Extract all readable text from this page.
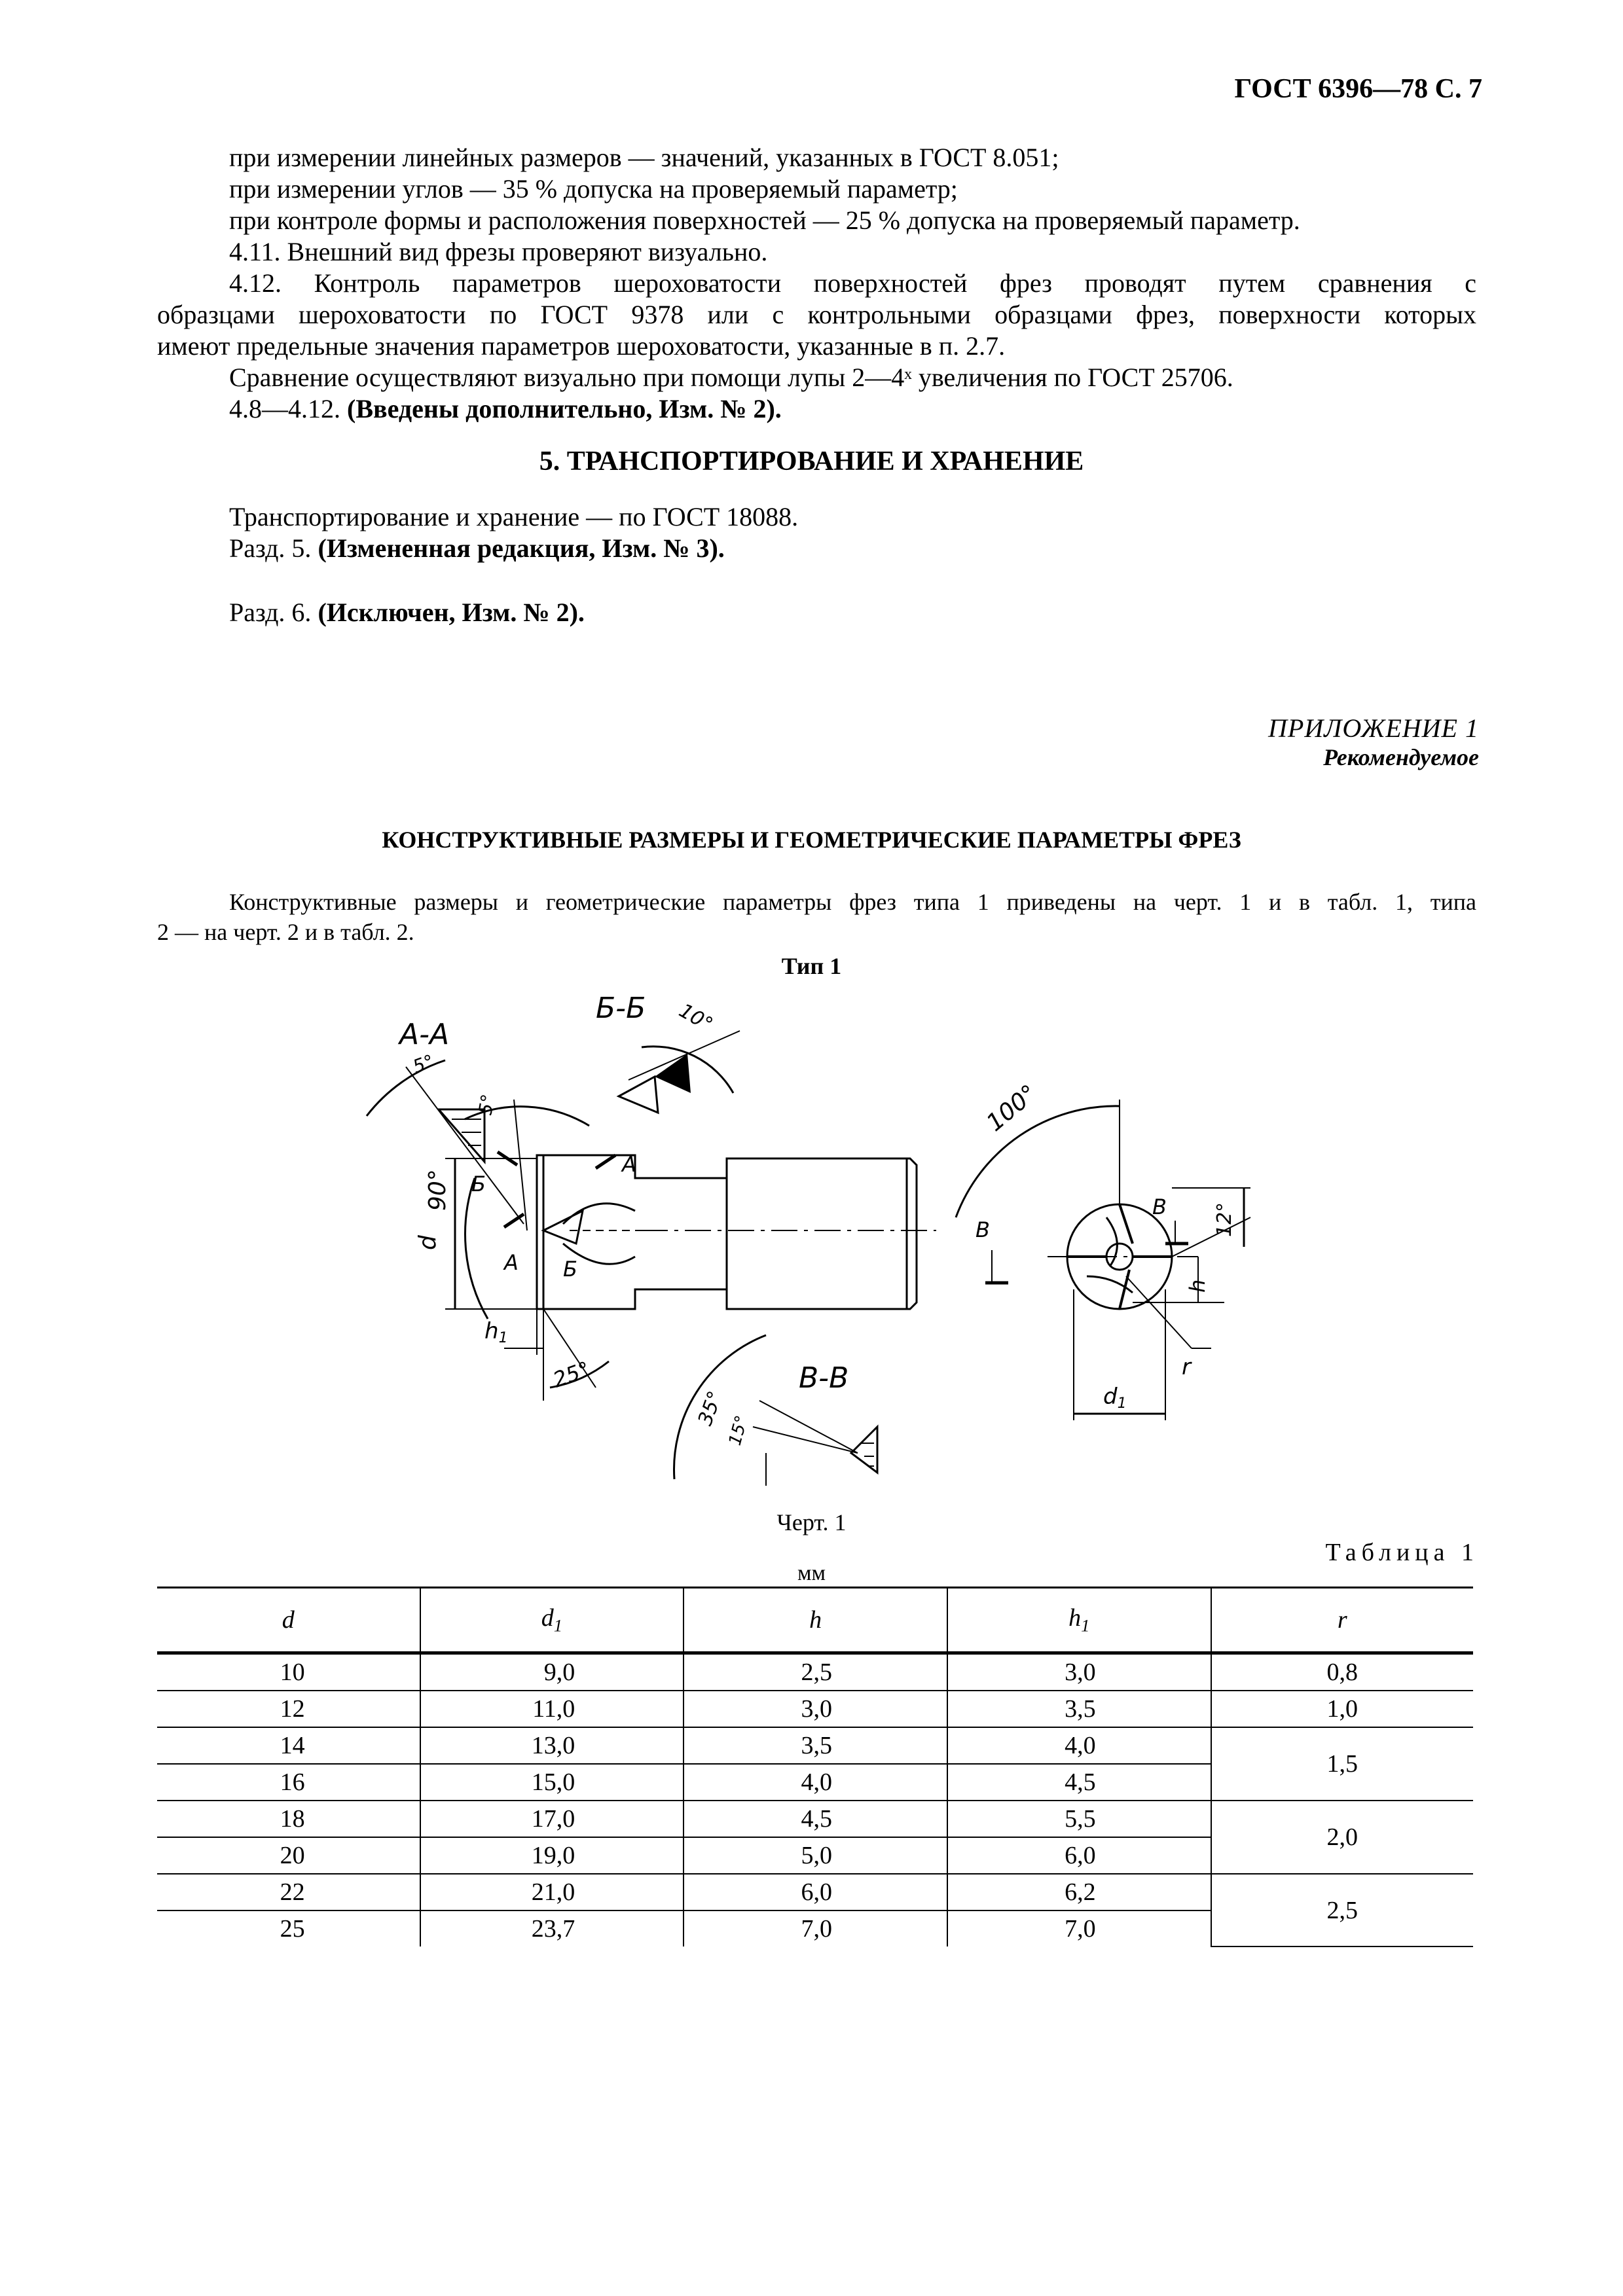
ГОСТ 6396—78 С. 7
при измерении линейных размеров — значений, указанных в ГОСТ 8.051;
при измерении углов — 35 % допуска на проверяемый параметр;
при контроле формы и расположения поверхностей — 25 % допуска на проверяемый параметр.
4.11. Внешний вид фрезы проверяют визуально.
4.12. Контроль параметров шероховатости поверхностей фрез проводят путем сравнения с
образцами шероховатости по ГОСТ 9378 или с контрольными образцами фрез, поверхности которых
имеют предельные значения параметров шероховатости, указанные в п. 2.7.
Сравнение осуществляют визуально при помощи лупы 2—4ˣ увеличения по ГОСТ 25706.
4.8—4.12. (Введены дополнительно, Изм. № 2).
5. ТРАНСПОРТИРОВАНИЕ И ХРАНЕНИЕ
Транспортирование и хранение — по ГОСТ 18088.
Разд. 5. (Измененная редакция, Изм. № 3).
Разд. 6. (Исключен, Изм. № 2).
ПРИЛОЖЕНИЕ 1
Рекомендуемое
КОНСТРУКТИВНЫЕ РАЗМЕРЫ И ГЕОМЕТРИЧЕСКИЕ ПАРАМЕТРЫ ФРЕЗ
Конструктивные размеры и геометрические параметры фрез типа 1 приведены на черт. 1 и в табл. 1, типа
2 — на черт. 2 и в табл. 2.
Тип 1
А-А
5°
5°
Б-Б 10°
90°
d
Б
А
А Б
h1
25°	В-В
35°
15°
100°
В
В 12°
h
d1
r
Черт. 1
Таблица 1
мм
d	$d_1$	h	$h_1$	r
10	9,0	2,5	3,0	0,8
12	11,0	3,0	3,5	1,0
14	13,0	3,5	4,0	1,5
16	15,0	4,0	4,5	
18	17,0	4,5	5,5	2,0
20	19,0	5,0	6,0	
22	21,0	6,0	6,2	2,5
25	23,7	7,0	7,0	
